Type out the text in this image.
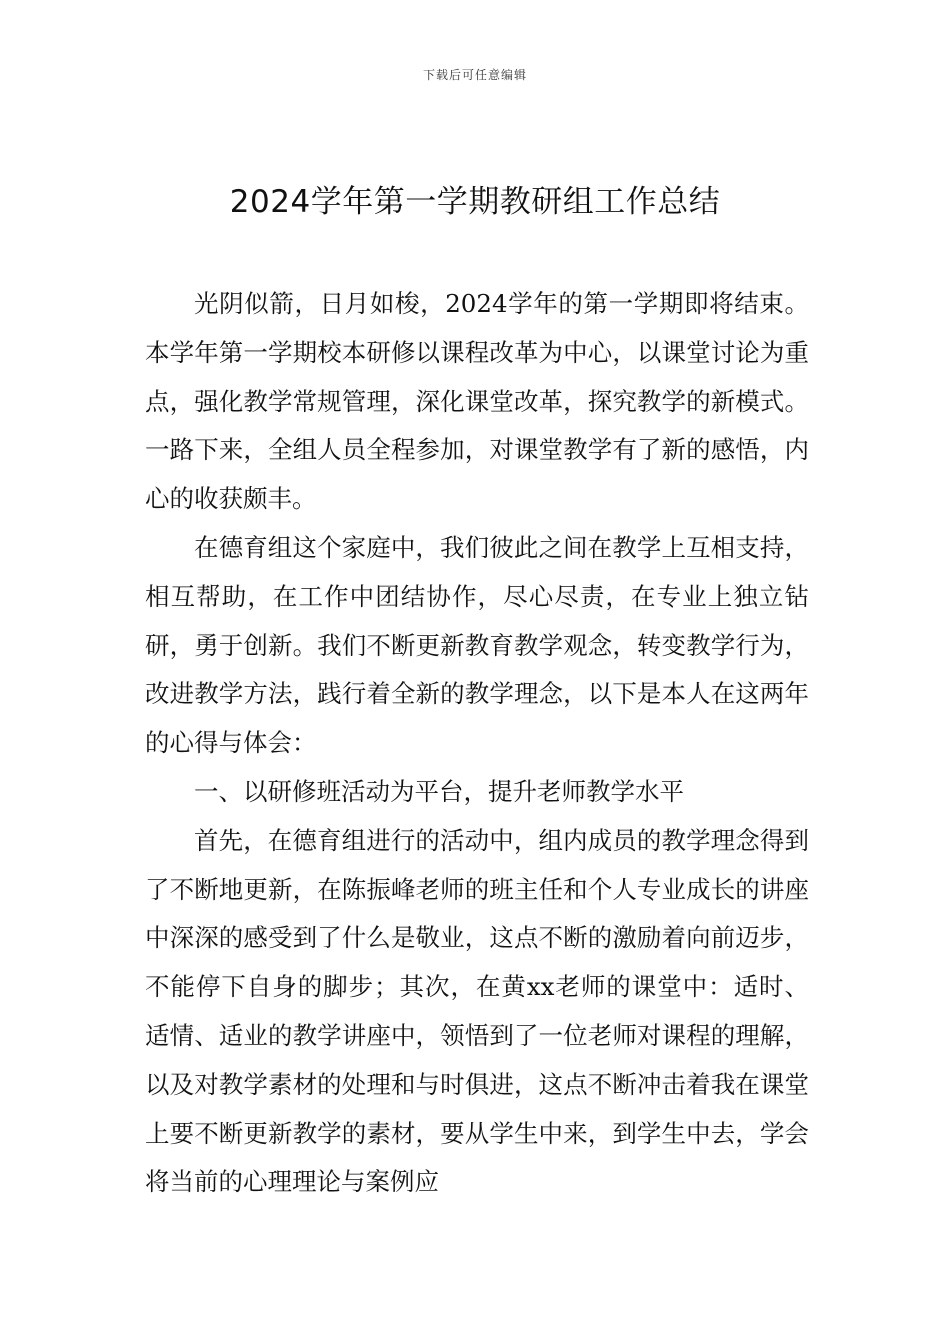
下载后可任意编辑
2024学年第一学期教研组工作总结

光阴似箭，日月如梭，2024学年的第一学期即将结束。本学年第一学期校本研修以课程改革为中心，以课堂讨论为重点，强化教学常规管理，深化课堂改革，探究教学的新模式。一路下来，全组人员全程参加，对课堂教学有了新的感悟，内心的收获颇丰。

在德育组这个家庭中，我们彼此之间在教学上互相支持，相互帮助，在工作中团结协作，尽心尽责，在专业上独立钻研，勇于创新。我们不断更新教育教学观念，转变教学行为，改进教学方法，践行着全新的教学理念，以下是本人在这两年的心得与体会：

一、以研修班活动为平台，提升老师教学水平

首先，在德育组进行的活动中，组内成员的教学理念得到了不断地更新，在陈振峰老师的班主任和个人专业成长的讲座中深深的感受到了什么是敬业，这点不断的激励着向前迈步，不能停下自身的脚步；其次，在黄xx老师的课堂中：适时、适情、适业的教学讲座中，领悟到了一位老师对课程的理解，以及对教学素材的处理和与时俱进，这点不断冲击着我在课堂上要不断更新教学的素材，要从学生中来，到学生中去，学会将当前的心理理论与案例应
